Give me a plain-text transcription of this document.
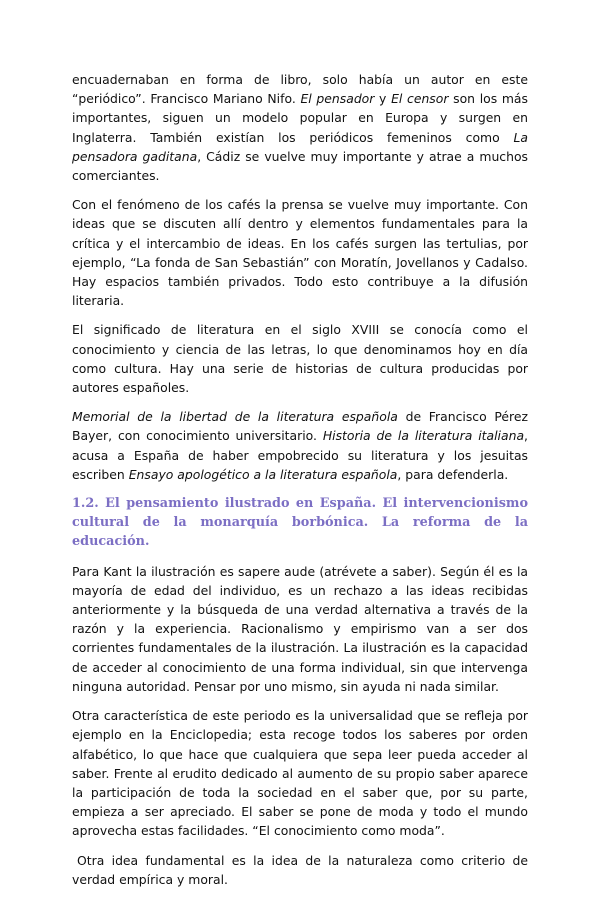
encuadernaban en forma de libro, solo había un autor en este “periódico”. Francisco Mariano Nifo. El pensador y El censor son los más importantes, siguen un modelo popular en Europa y surgen en Inglaterra. También existían los periódicos femeninos como La pensadora gaditana, Cádiz se vuelve muy importante y atrae a muchos comerciantes.

Con el fenómeno de los cafés la prensa se vuelve muy importante. Con ideas que se discuten allí dentro y elementos fundamentales para la crítica y el intercambio de ideas. En los cafés surgen las tertulias, por ejemplo, “La fonda de San Sebastián” con Moratín, Jovellanos y Cadalso. Hay espacios también privados. Todo esto contribuye a la difusión literaria.

El significado de literatura en el siglo XVIII se conocía como el conocimiento y ciencia de las letras, lo que denominamos hoy en día como cultura. Hay una serie de historias de cultura producidas por autores españoles.

Memorial de la libertad de la literatura española de Francisco Pérez Bayer, con conocimiento universitario. Historia de la literatura italiana, acusa a España de haber empobrecido su literatura y los jesuitas escriben Ensayo apologético a la literatura española, para defenderla.

1.2. El pensamiento ilustrado en España. El intervencionismo cultural de la monarquía borbónica. La reforma de la educación.

Para Kant la ilustración es sapere aude (atrévete a saber). Según él es la mayoría de edad del individuo, es un rechazo a las ideas recibidas anteriormente y la búsqueda de una verdad alternativa a través de la razón y la experiencia. Racionalismo y empirismo van a ser dos corrientes fundamentales de la ilustración. La ilustración es la capacidad de acceder al conocimiento de una forma individual, sin que intervenga ninguna autoridad. Pensar por uno mismo, sin ayuda ni nada similar.

Otra característica de este periodo es la universalidad que se refleja por ejemplo en la Enciclopedia; esta recoge todos los saberes por orden alfabético, lo que hace que cualquiera que sepa leer pueda acceder al saber. Frente al erudito dedicado al aumento de su propio saber aparece la participación de toda la sociedad en el saber que, por su parte, empieza a ser apreciado. El saber se pone de moda y todo el mundo aprovecha estas facilidades. “El conocimiento como moda”.

Otra idea fundamental es la idea de la naturaleza como criterio de verdad empírica y moral.
